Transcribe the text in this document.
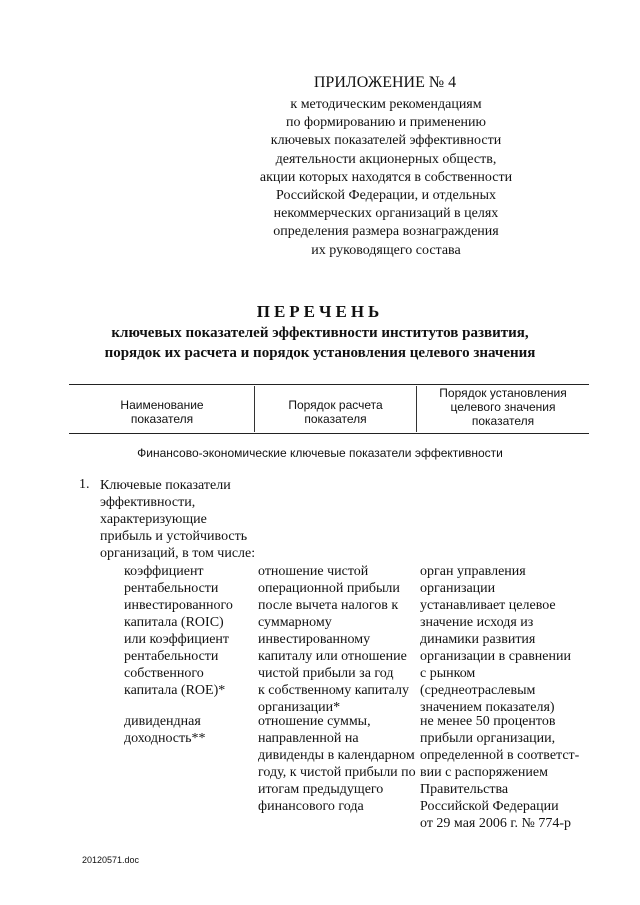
ПРИЛОЖЕНИЕ № 4
к методическим рекомендациям
по формированию и применению
ключевых показателей эффективности
деятельности акционерных обществ,
акции которых находятся в собственности
Российской Федерации, и отдельных
некоммерческих организаций в целях
определения размера вознаграждения
их руководящего состава
ПЕРЕЧЕНЬ
ключевых показателей эффективности институтов развития,
порядок их расчета и порядок установления целевого значения
Наименование
показателя
Порядок расчета
показателя
Порядок установления
целевого значения
показателя
Финансово-экономические ключевые показатели эффективности
1. Ключевые показатели
эффективности,
характеризующие
прибыль и устойчивость
организаций, в том числе:
коэффициент
рентабельности
инвестированного
капитала (ROIC)
или коэффициент
рентабельности
собственного
капитала (ROE)*
отношение чистой
операционной прибыли
после вычета налогов к
суммарному
инвестированному
капиталу или отношение
чистой прибыли за год
к собственному капиталу
организации*
орган управления
организации
устанавливает целевое
значение исходя из
динамики развития
организации в сравнении
с рынком
(среднеотраслевым
значением показателя)
дивидендная
доходность**
отношение суммы,
направленной на
дивиденды в календарном
году, к чистой прибыли по
итогам предыдущего
финансового года
не менее 50 процентов
прибыли организации,
определенной в соответст-
вии с распоряжением
Правительства
Российской Федерации
от 29 мая 2006 г. № 774-р
20120571.doc
